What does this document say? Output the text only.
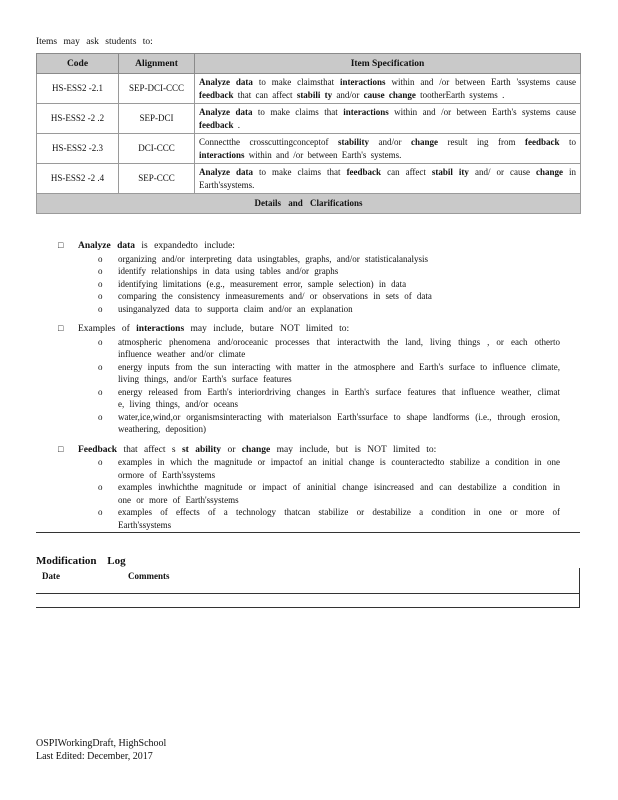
Items may ask students to:
Code	Alignment	Item Specification
HS-ESS2 -2.1	SEP-DCI-CCC	Analyze data to make claimsthat interactions within and /or between Earth 'ssystems cause feedback that can affect stabili ty and/or cause change tootherEarth systems .
HS-ESS2 -2 .2	SEP-DCI	Analyze data to make claims that interactions within and /or between Earth's systems cause feedback .
HS-ESS2 -2.3	DCI-CCC	Connectthe crosscuttingconceptof stability and/or change result ing from feedback to interactions within and /or between Earth's systems.
HS-ESS2 -2 .4	SEP-CCC	Analyze data to make claims that feedback can affect stabil ity and/ or cause change in Earth'ssystems.
Details and Clarifications		
□ Analyze data is expandedto include:
o organizing and/or interpreting data usingtables, graphs, and/or statisticalanalysis
o identify relationships in data using tables and/or graphs
o identifying limitations (e.g., measurement error, sample selection) in data
o comparing the consistency inmeasurements and/ or observations in sets of data
o usinganalyzed data to supporta claim and/or an explanation
□ Examples of interactions may include, butare NOT limited to:
o atmospheric phenomena and/oroceanic processes that interactwith the land, living things , or each otherto influence weather and/or climate
o energy inputs from the sun interacting with matter in the atmosphere and Earth's surface to influence climate, living things, and/or Earth's surface features
o energy released from Earth's interiordriving changes in Earth's surface features that influence weather, climat e, living things, and/or oceans
o water,ice,wind,or organismsinteracting with materialson Earth'ssurface to shape landforms (i.e., through erosion, weathering, deposition)
□ Feedback that affect s st ability or change may include, but is NOT limited to:
o examples in which the magnitude or impactof an initial change is counteractedto stabilize a condition in one ormore of Earth'ssystems
o examples inwhichthe magnitude or impact of aninitial change isincreased and can destabilize a condition in one or more of Earth'ssystems
o examples of effects of a technology thatcan stabilize or destabilize a condition in one or more of Earth'ssystems
Modification Log
Date	Comments
OSPIWorkingDraft, HighSchool
Last Edited: December, 2017
